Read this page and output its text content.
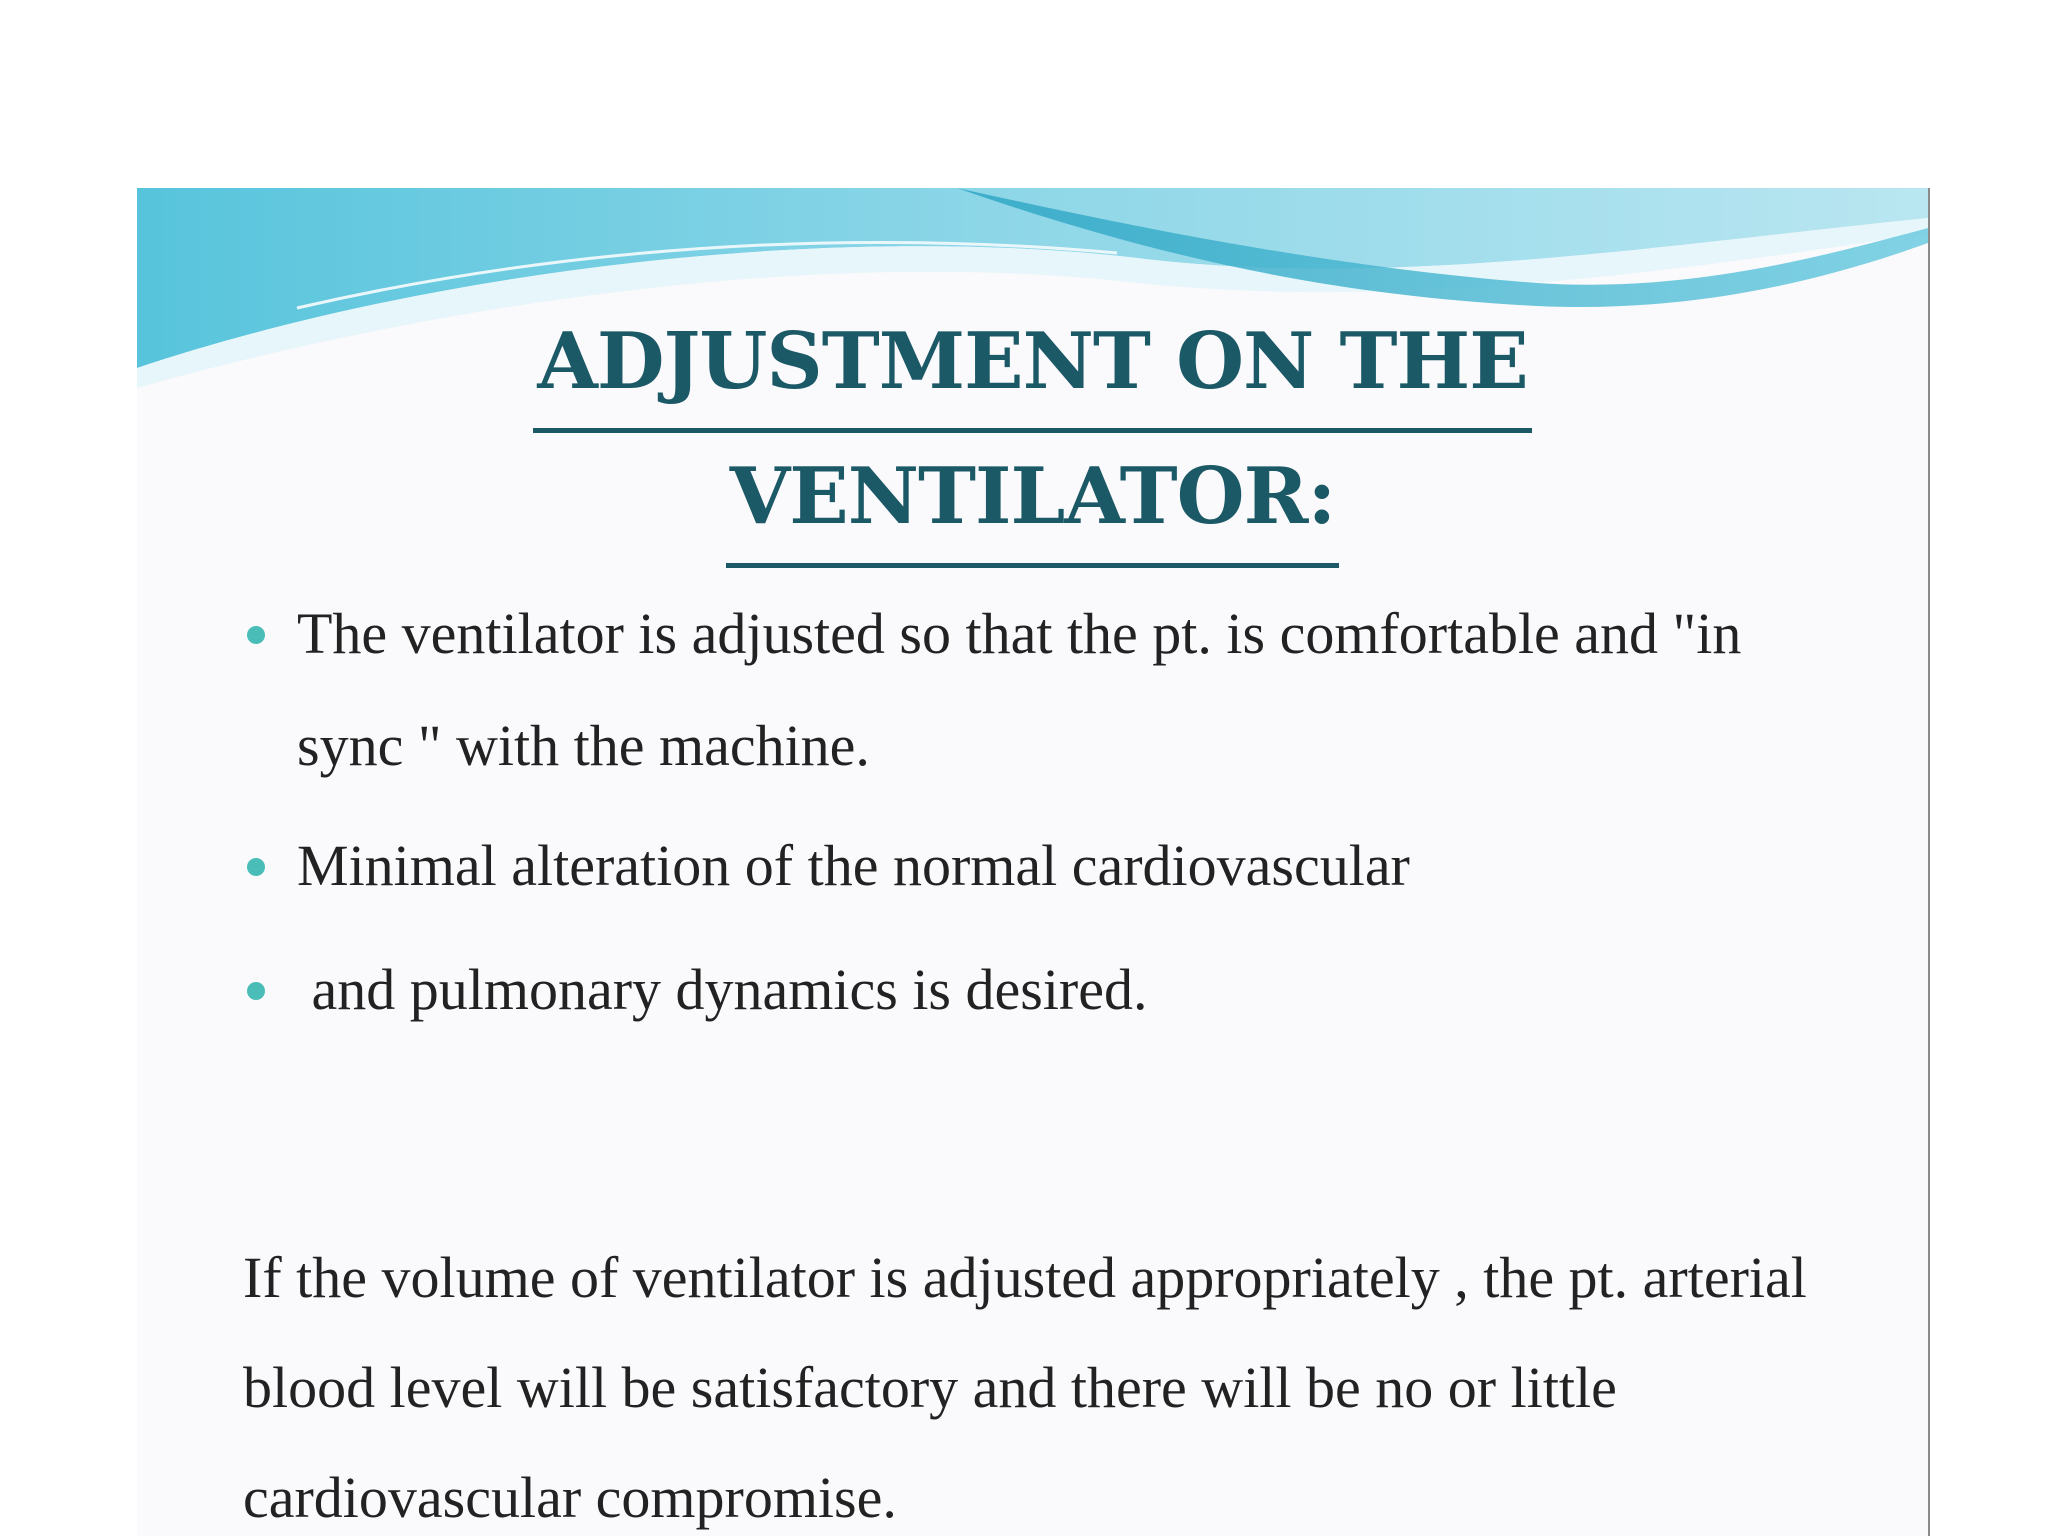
ADJUSTMENT ON THE
VENTILATOR:
The ventilator is adjusted so that the pt. is comfortable and "in sync " with the machine.
Minimal alteration of the normal cardiovascular
and pulmonary dynamics is desired.

If the volume of ventilator is adjusted appropriately , the pt. arterial blood level will be satisfactory and there will be no or little cardiovascular compromise.
